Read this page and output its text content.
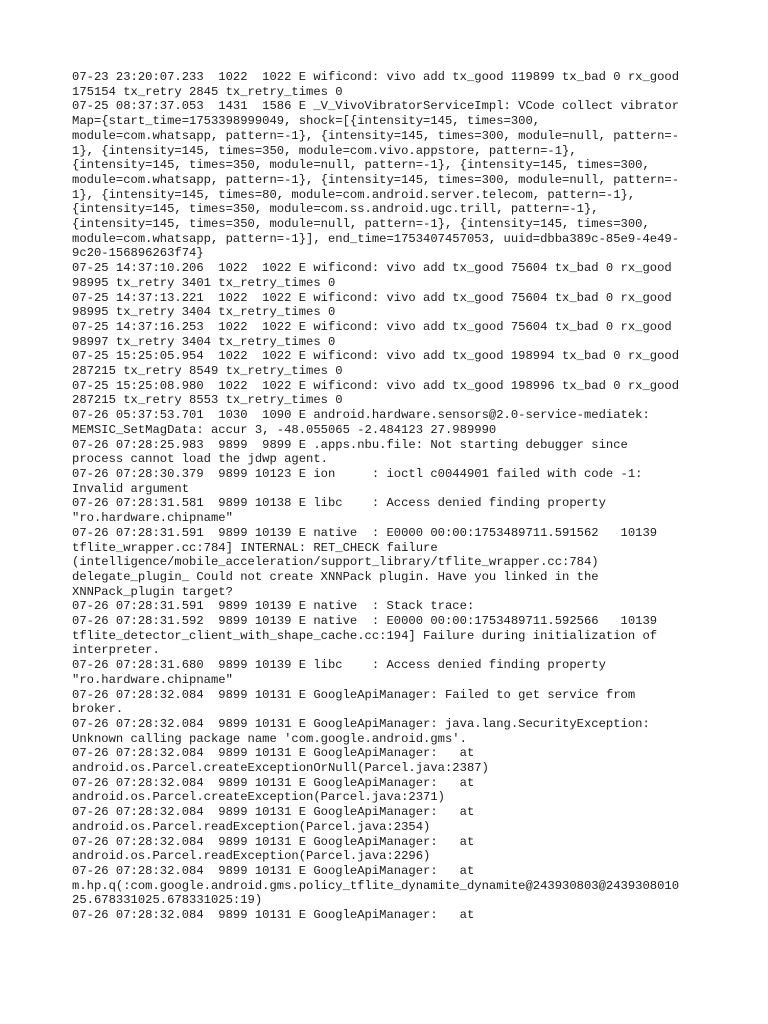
07-23 23:20:07.233  1022  1022 E wificond: vivo add tx_good 119899 tx_bad 0 rx_good
175154 tx_retry 2845 tx_retry_times 0
07-25 08:37:37.053  1431  1586 E _V_VivoVibratorServiceImpl: VCode collect vibrator
Map={start_time=1753398999049, shock=[{intensity=145, times=300,
module=com.whatsapp, pattern=-1}, {intensity=145, times=300, module=null, pattern=-
1}, {intensity=145, times=350, module=com.vivo.appstore, pattern=-1},
{intensity=145, times=350, module=null, pattern=-1}, {intensity=145, times=300,
module=com.whatsapp, pattern=-1}, {intensity=145, times=300, module=null, pattern=-
1}, {intensity=145, times=80, module=com.android.server.telecom, pattern=-1},
{intensity=145, times=350, module=com.ss.android.ugc.trill, pattern=-1},
{intensity=145, times=350, module=null, pattern=-1}, {intensity=145, times=300,
module=com.whatsapp, pattern=-1}], end_time=1753407457053, uuid=dbba389c-85e9-4e49-
9c20-156896263f74}
07-25 14:37:10.206  1022  1022 E wificond: vivo add tx_good 75604 tx_bad 0 rx_good
98995 tx_retry 3401 tx_retry_times 0
07-25 14:37:13.221  1022  1022 E wificond: vivo add tx_good 75604 tx_bad 0 rx_good
98995 tx_retry 3404 tx_retry_times 0
07-25 14:37:16.253  1022  1022 E wificond: vivo add tx_good 75604 tx_bad 0 rx_good
98997 tx_retry 3404 tx_retry_times 0
07-25 15:25:05.954  1022  1022 E wificond: vivo add tx_good 198994 tx_bad 0 rx_good
287215 tx_retry 8549 tx_retry_times 0
07-25 15:25:08.980  1022  1022 E wificond: vivo add tx_good 198996 tx_bad 0 rx_good
287215 tx_retry 8553 tx_retry_times 0
07-26 05:37:53.701  1030  1090 E android.hardware.sensors@2.0-service-mediatek:
MEMSIC_SetMagData: accur 3, -48.055065 -2.484123 27.989990
07-26 07:28:25.983  9899  9899 E .apps.nbu.file: Not starting debugger since
process cannot load the jdwp agent.
07-26 07:28:30.379  9899 10123 E ion     : ioctl c0044901 failed with code -1:
Invalid argument
07-26 07:28:31.581  9899 10138 E libc    : Access denied finding property
"ro.hardware.chipname"
07-26 07:28:31.591  9899 10139 E native  : E0000 00:00:1753489711.591562   10139
tflite_wrapper.cc:784] INTERNAL: RET_CHECK failure
(intelligence/mobile_acceleration/support_library/tflite_wrapper.cc:784)
delegate_plugin_ Could not create XNNPack plugin. Have you linked in the
XNNPack_plugin target?
07-26 07:28:31.591  9899 10139 E native  : Stack trace:
07-26 07:28:31.592  9899 10139 E native  : E0000 00:00:1753489711.592566   10139
tflite_detector_client_with_shape_cache.cc:194] Failure during initialization of
interpreter.
07-26 07:28:31.680  9899 10139 E libc    : Access denied finding property
"ro.hardware.chipname"
07-26 07:28:32.084  9899 10131 E GoogleApiManager: Failed to get service from
broker.
07-26 07:28:32.084  9899 10131 E GoogleApiManager: java.lang.SecurityException:
Unknown calling package name 'com.google.android.gms'.
07-26 07:28:32.084  9899 10131 E GoogleApiManager:   at
android.os.Parcel.createExceptionOrNull(Parcel.java:2387)
07-26 07:28:32.084  9899 10131 E GoogleApiManager:   at
android.os.Parcel.createException(Parcel.java:2371)
07-26 07:28:32.084  9899 10131 E GoogleApiManager:   at
android.os.Parcel.readException(Parcel.java:2354)
07-26 07:28:32.084  9899 10131 E GoogleApiManager:   at
android.os.Parcel.readException(Parcel.java:2296)
07-26 07:28:32.084  9899 10131 E GoogleApiManager:   at
m.hp.q(:com.google.android.gms.policy_tflite_dynamite_dynamite@243930803@2439308010
25.678331025.678331025:19)
07-26 07:28:32.084  9899 10131 E GoogleApiManager:   at
